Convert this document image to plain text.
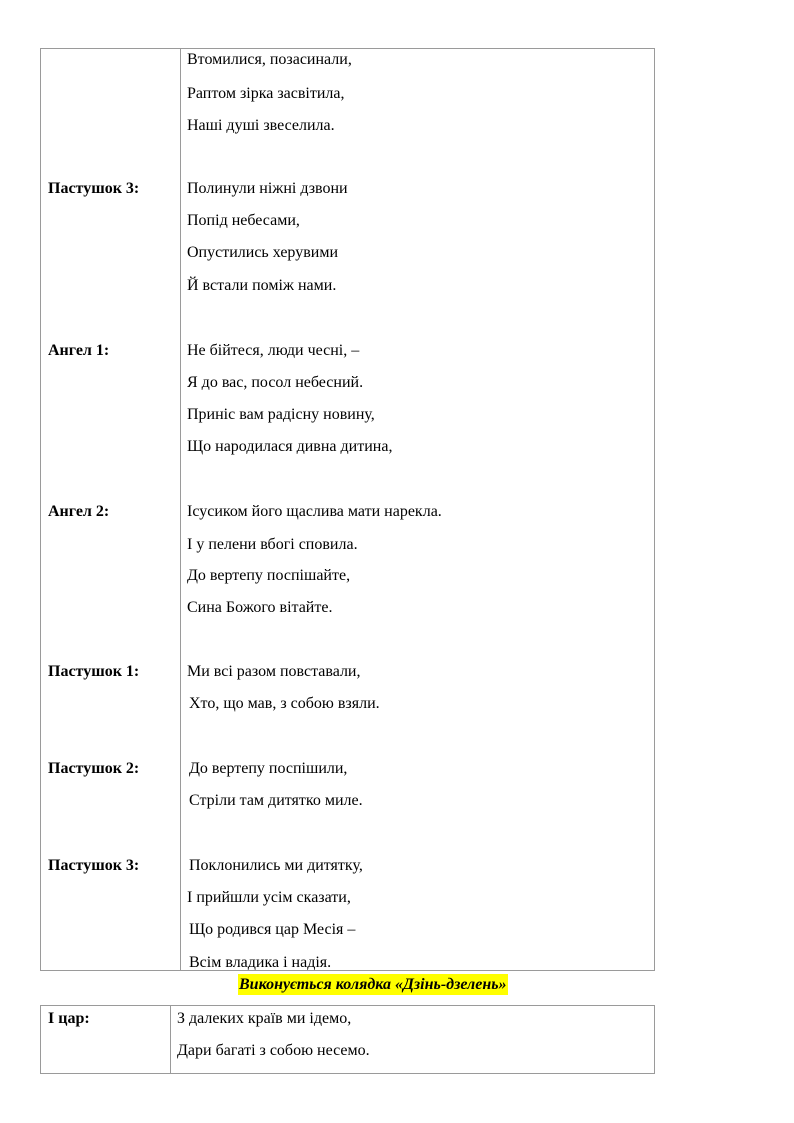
Втомилися, позасинали,
Раптом зірка засвітила,
Наші душі звеселила.
Пастушок 3:	Полинули ніжні дзвони
Попід небесами,
Опустились херувими
Й встали поміж нами.
Ангел 1:	Не бійтеся, люди чесні, –
Я до вас, посол небесний.
Приніс вам радісну новину,
Що народилася дивна дитина,
Ангел 2:	Ісусиком його щаслива мати нарекла.
І у пелени вбогі сповила.
До вертепу поспішайте,
Сина Божого вітайте.
Пастушок 1:	Ми всі разом повставали,
Хто, що мав, з собою взяли.
Пастушок 2:	До вертепу поспішили,
Стріли там дитятко миле.
Пастушок 3:	Поклонились ми дитятку,
І прийшли усім сказати,
Що родився цар Месія –
Всім владика і надія.
Виконується колядка «Дзінь-дзелень»
І цар:	З далеких країв ми ідемо,
Дари багаті з собою несемо.
